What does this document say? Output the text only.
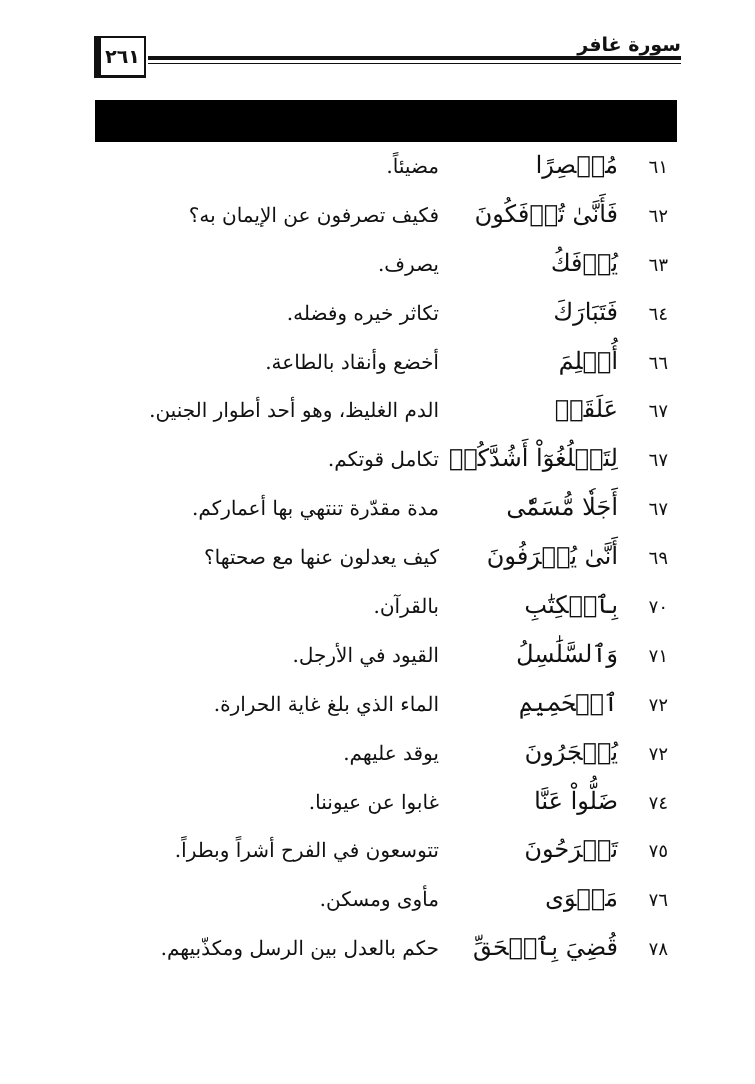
سورة غافر
٢٦١
٦١
مُبۡصِرًا
مضيئاً.
٦٢
فَأَنَّىٰ تُؤۡفَكُونَ
فكيف تصرفون عن الإيمان به؟
٦٣
يُؤۡفَكُ
يصرف.
٦٤
فَتَبَارَكَ
تكاثر خيره وفضله.
٦٦
أُسۡلِمَ
أخضع وأنقاد بالطاعة.
٦٧
عَلَقَةٖ
الدم الغليظ، وهو أحد أطوار الجنين.
٦٧
لِتَبۡلُغُوٓاْ أَشُدَّكُمۡ
تكامل قوتكم.
٦٧
أَجَلٗا مُّسَمّٗى
مدة مقدّرة تنتهي بها أعماركم.
٦٩
أَنَّىٰ يُصۡرَفُونَ
كيف يعدلون عنها مع صحتها؟
٧٠
بِٱلۡكِتَٰبِ
بالقرآن.
٧١
وَٱلسَّلَٰسِلُ
القيود في الأرجل.
٧٢
ٱلۡحَمِيمِ
الماء الذي بلغ غاية الحرارة.
٧٢
يُسۡجَرُونَ
يوقد عليهم.
٧٤
ضَلُّواْ عَنَّا
غابوا عن عيوننا.
٧٥
تَمۡرَحُونَ
تتوسعون في الفرح أشراً وبطراً.
٧٦
مَثۡوَى
مأوى ومسكن.
٧٨
قُضِيَ بِٱلۡحَقِّ
حكم بالعدل بين الرسل ومكذّبيهم.
